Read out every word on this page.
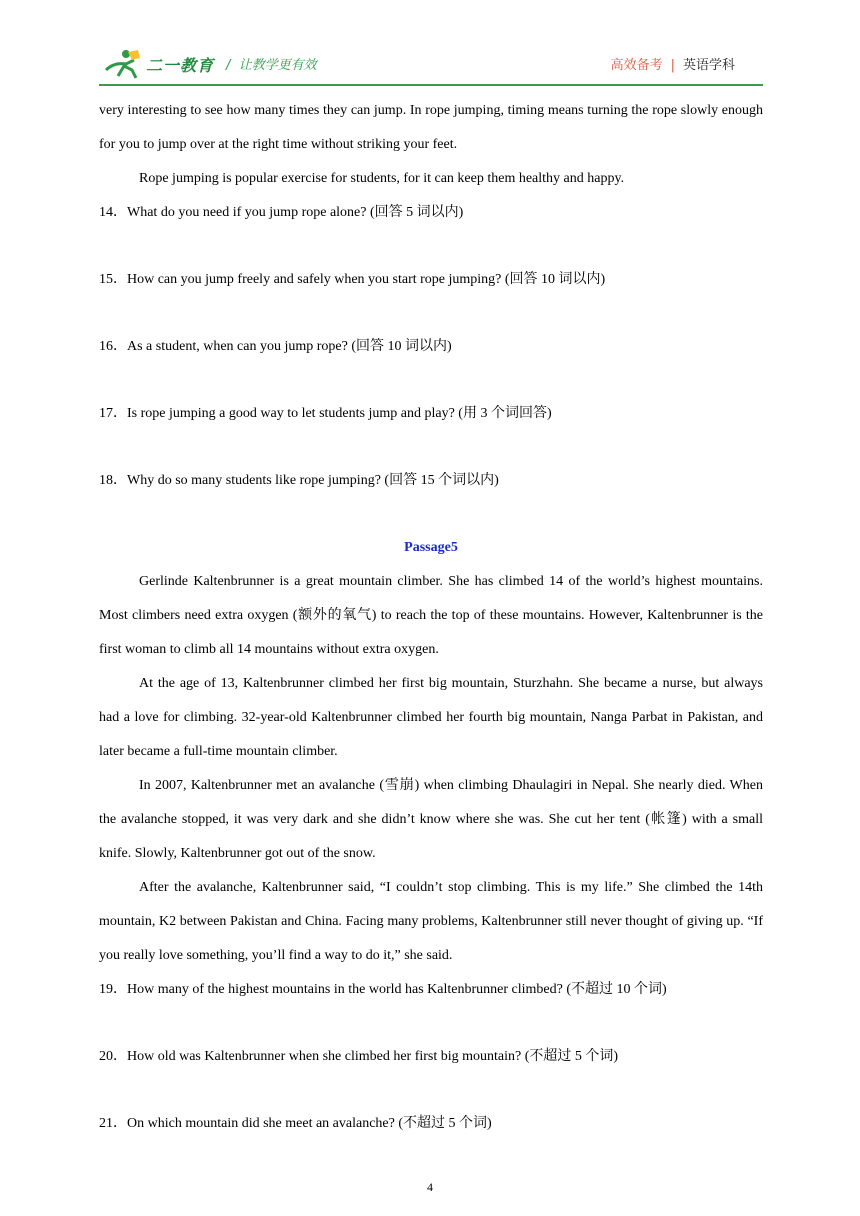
二一教育 /  让教学更有效	高效备考 | 英语学科

very interesting to see how many times they can jump. In rope jumping, timing means turning the rope slowly enough for you to jump over at the right time without striking your feet.

Rope jumping is popular exercise for students, for it can keep them healthy and happy.

14．What do you need if you jump rope alone? (回答 5 词以内)

15．How can you jump freely and safely when you start rope jumping? (回答 10 词以内)

16．As a student, when can you jump rope? (回答 10 词以内)

17．Is rope jumping a good way to let students jump and play? (用 3 个词回答)

18．Why do so many students like rope jumping? (回答 15 个词以内)

Passage5

Gerlinde Kaltenbrunner is a great mountain climber. She has climbed 14 of the world’s highest mountains. Most climbers need extra oxygen (额外的氧气) to reach the top of these mountains. However, Kaltenbrunner is the first woman to climb all 14 mountains without extra oxygen.

At the age of 13, Kaltenbrunner climbed her first big mountain, Sturzhahn. She became a nurse, but always had a love for climbing. 32-year-old Kaltenbrunner climbed her fourth big mountain, Nanga Parbat in Pakistan, and later became a full-time mountain climber.

In 2007, Kaltenbrunner met an avalanche (雪崩) when climbing Dhaulagiri in Nepal. She nearly died. When the avalanche stopped, it was very dark and she didn’t know where she was. She cut her tent (帐篷) with a small knife. Slowly, Kaltenbrunner got out of the snow.

After the avalanche, Kaltenbrunner said, “I couldn’t stop climbing. This is my life.” She climbed the 14th mountain, K2 between Pakistan and China. Facing many problems, Kaltenbrunner still never thought of giving up. “If you really love something, you’ll find a way to do it,” she said.

19．How many of the highest mountains in the world has Kaltenbrunner climbed? (不超过 10 个词)

20．How old was Kaltenbrunner when she climbed her first big mountain? (不超过 5 个词)

21．On which mountain did she meet an avalanche? (不超过 5 个词)

4
